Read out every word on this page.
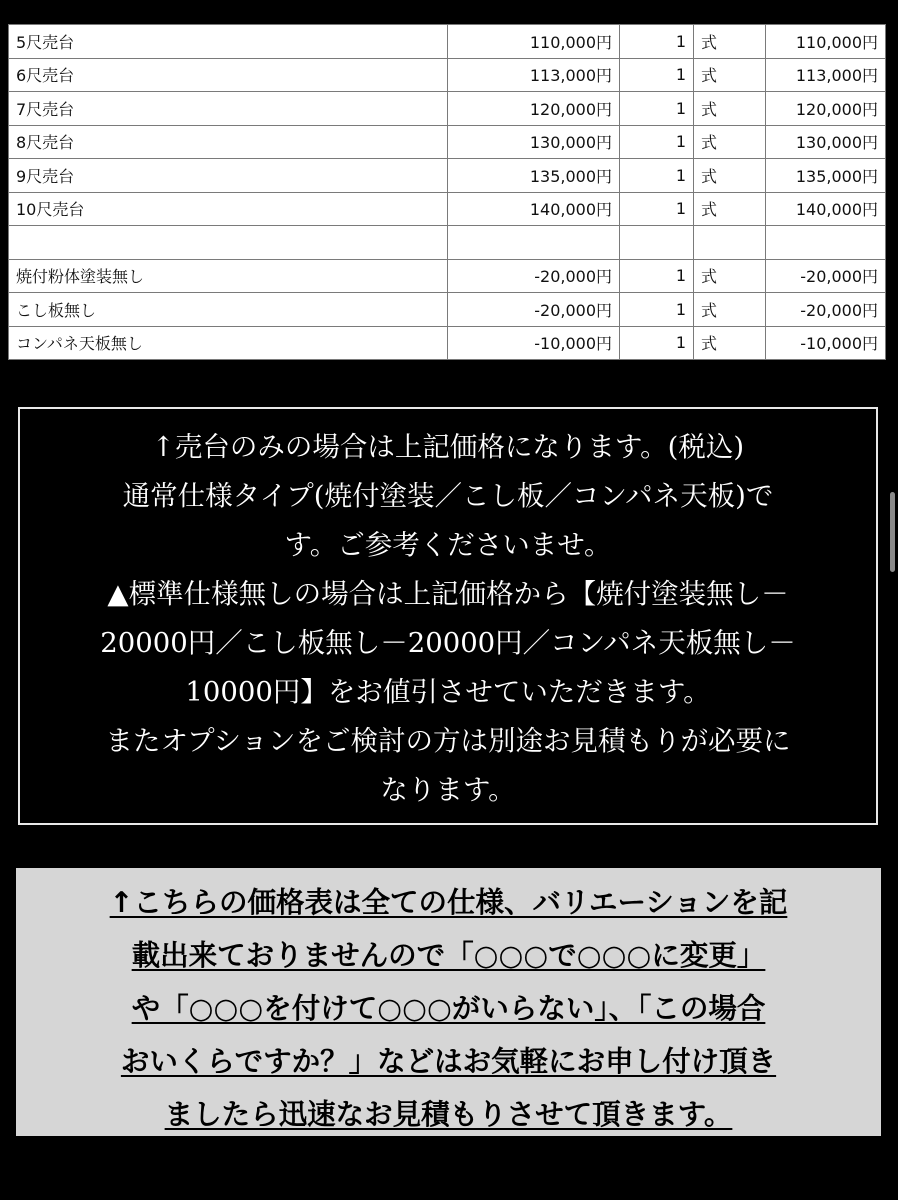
5尺売台	110,000円	1	式	110,000円
6尺売台	113,000円	1	式	113,000円
7尺売台	120,000円	1	式	120,000円
8尺売台	130,000円	1	式	130,000円
9尺売台	135,000円	1	式	135,000円
10尺売台	140,000円	1	式	140,000円

焼付粉体塗装無し	-20,000円	1	式	-20,000円
こし板無し	-20,000円	1	式	-20,000円
コンパネ天板無し	-10,000円	1	式	-10,000円
↑売台のみの場合は上記価格になります。(税込)
通常仕様タイプ(焼付塗装／こし板／コンパネ天板)で
す。ご参考くださいませ。
▲標準仕様無しの場合は上記価格から【焼付塗装無し－
20000円／こし板無し－20000円／コンパネ天板無し－
10000円】をお値引させていただきます。
またオプションをご検討の方は別途お見積もりが必要に
なります。
↑こちらの価格表は全ての仕様、バリエーションを記
載出来ておりませんので「○○○で○○○に変更」
や「○○○を付けて○○○がいらない」、「この場合
おいくらですか？」などはお気軽にお申し付け頂き
ましたら迅速なお見積もりさせて頂きます。
